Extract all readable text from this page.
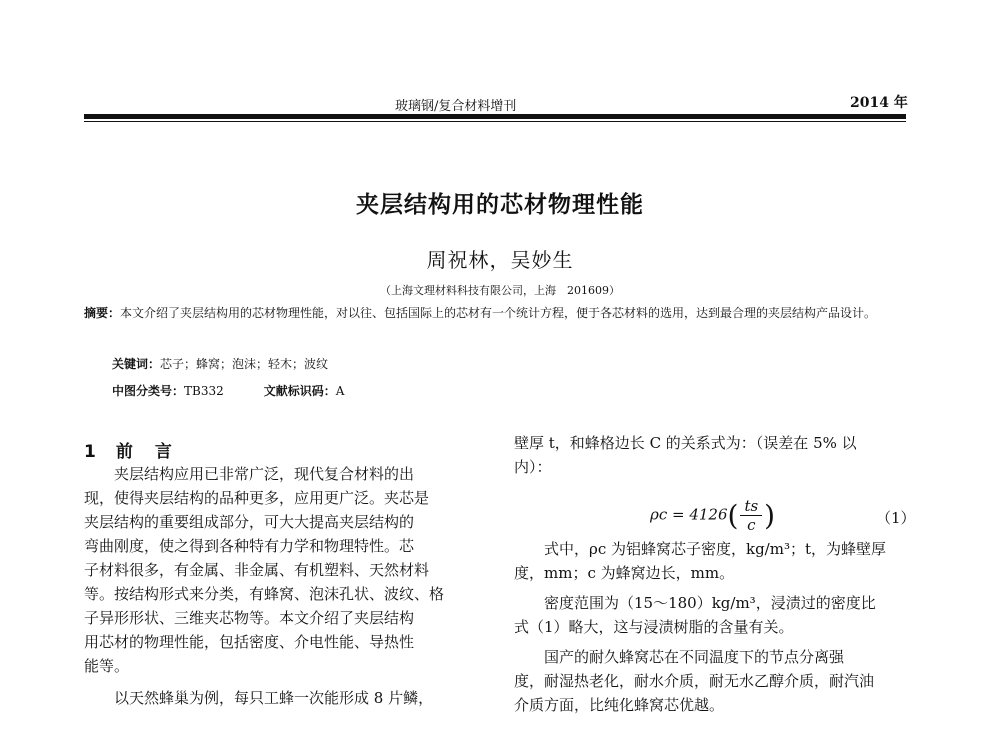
玻璃钢/复合材料增刊	2014 年
夹层结构用的芯材物理性能
周祝林，吴妙生
（上海文理材料科技有限公司，上海　201609）
摘要：本文介绍了夹层结构用的芯材物理性能，对以往、包括国际上的芯材有一个统计方程，便于各芯材料的选用，达到最合理的夹层结构产品设计。
关键词：芯子；蜂窝；泡沫；轻木；波纹
中图分类号：TB332	文献标识码：A
1 前言
夹层结构应用已非常广泛，现代复合材料的出
现，使得夹层结构的品种更多，应用更广泛。夹芯是
夹层结构的重要组成部分，可大大提高夹层结构的
弯曲刚度，使之得到各种特有力学和物理特性。芯
子材料很多，有金属、非金属、有机塑料、天然材料
等。按结构形式来分类，有蜂窝、泡沫孔状、波纹、格
子异形形状、三维夹芯物等。本文介绍了夹层结构
用芯材的物理性能，包括密度、介电性能、导热性
能等。
以天然蜂巢为例，每只工蜂一次能形成 8 片鳞，
壁厚 t，和蜂格边长 C 的关系式为：（误差在 5% 以
内）：
式中，ρc 为铝蜂窝芯子密度，kg/m³；t，为蜂壁厚
度，mm；c 为蜂窝边长，mm。
密度范围为（15～180）kg/m³，浸渍过的密度比
式（1）略大，这与浸渍树脂的含量有关。
国产的耐久蜂窝芯在不同温度下的节点分离强
度，耐湿热老化，耐水介质，耐无水乙醇介质，耐汽油
介质方面，比纯化蜂窝芯优越。
$\rho c = 4126( \frac{ts}{c}$ )	（1）
